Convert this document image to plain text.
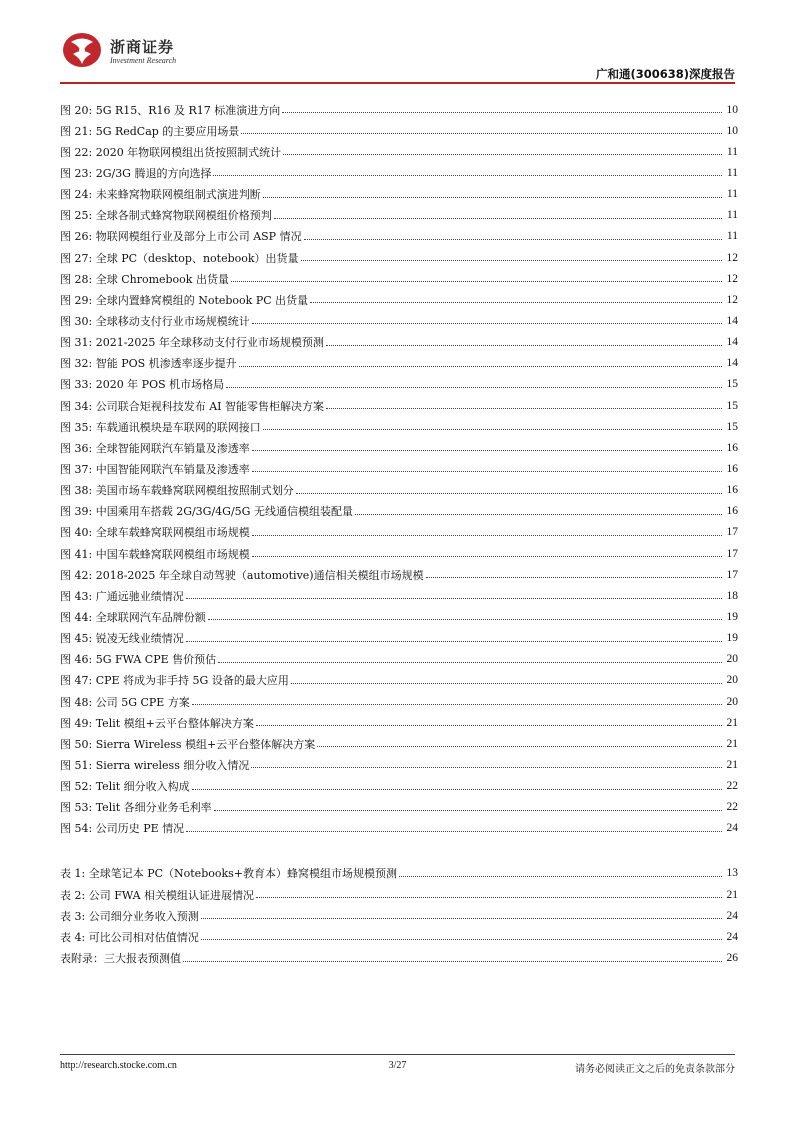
浙商证券
Investment Research
广和通(300638)深度报告
图 20: 5G R15、R16 及 R17 标准演进方向	10
图 21: 5G RedCap 的主要应用场景	10
图 22: 2020 年物联网模组出货按照制式统计	11
图 23: 2G/3G 腾退的方向选择	11
图 24: 未来蜂窝物联网模组制式演进判断	11
图 25: 全球各制式蜂窝物联网模组价格预判	11
图 26: 物联网模组行业及部分上市公司 ASP 情况	11
图 27: 全球 PC（desktop、notebook）出货量	12
图 28: 全球 Chromebook 出货量	12
图 29: 全球内置蜂窝模组的 Notebook PC 出货量	12
图 30: 全球移动支付行业市场规模统计	14
图 31: 2021-2025 年全球移动支付行业市场规模预测	14
图 32: 智能 POS 机渗透率逐步提升	14
图 33: 2020 年 POS 机市场格局	15
图 34: 公司联合矩视科技发布 AI 智能零售柜解决方案	15
图 35: 车载通讯模块是车联网的联网接口	15
图 36: 全球智能网联汽车销量及渗透率	16
图 37: 中国智能网联汽车销量及渗透率	16
图 38: 美国市场车载蜂窝联网模组按照制式划分	16
图 39: 中国乘用车搭载 2G/3G/4G/5G 无线通信模组装配量	16
图 40: 全球车载蜂窝联网模组市场规模	17
图 41: 中国车载蜂窝联网模组市场规模	17
图 42: 2018-2025 年全球自动驾驶（automotive)通信相关模组市场规模	17
图 43: 广通远驰业绩情况	18
图 44: 全球联网汽车品牌份额	19
图 45: 锐凌无线业绩情况	19
图 46: 5G FWA CPE 售价预估	20
图 47: CPE 将成为非手持 5G 设备的最大应用	20
图 48: 公司 5G CPE 方案	20
图 49: Telit 模组+云平台整体解决方案	21
图 50: Sierra Wireless 模组+云平台整体解决方案	21
图 51: Sierra wireless 细分收入情况	21
图 52: Telit 细分收入构成	22
图 53: Telit 各细分业务毛利率	22
图 54: 公司历史 PE 情况	24
表 1: 全球笔记本 PC（Notebooks+教育本）蜂窝模组市场规模预测	13
表 2: 公司 FWA 相关模组认证进展情况	21
表 3: 公司细分业务收入预测	24
表 4: 可比公司相对估值情况	24
表附录：三大报表预测值	26
http://research.stocke.com.cn	3/27	请务必阅读正文之后的免责条款部分
